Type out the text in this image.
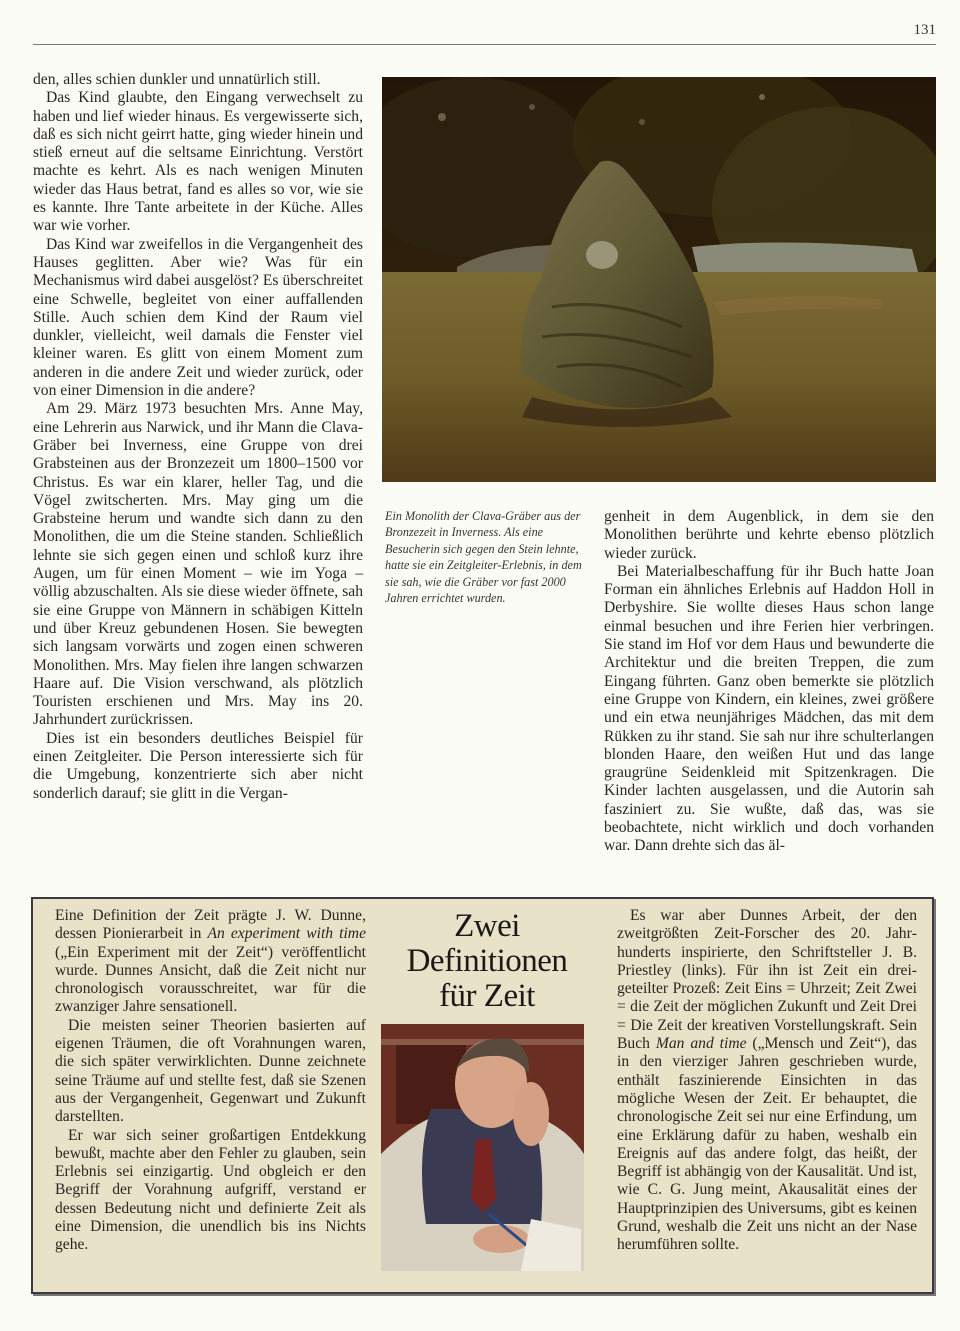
131

den, alles schien dunkler und unnatürlich still.

Das Kind glaubte, den Eingang verwechselt zu haben und lief wieder hinaus. Es vergewisserte sich, daß es sich nicht geirrt hatte, ging wieder hinein und stieß erneut auf die seltsame Einrichtung. Verstört machte es kehrt. Als es nach wenigen Minuten wieder das Haus betrat, fand es alles so vor, wie sie es kannte. Ihre Tante arbeitete in der Küche. Alles war wie vorher.

Das Kind war zweifellos in die Vergangenheit des Hauses geglitten. Aber wie? Was für ein Mechanismus wird dabei ausgelöst? Es überschreitet eine Schwelle, begleitet von einer auffallenden Stille. Auch schien dem Kind der Raum viel dunkler, vielleicht, weil damals die Fenster viel kleiner waren. Es glitt von einem Moment zum anderen in die andere Zeit und wieder zurück, oder von einer Dimension in die andere?

Am 29. März 1973 besuchten Mrs. Anne May, eine Lehrerin aus Narwick, und ihr Mann die Clava-Gräber bei Inverness, eine Gruppe von drei Grabsteinen aus der Bronzezeit um 1800–1500 vor Christus. Es war ein klarer, heller Tag, und die Vögel zwitscherten. Mrs. May ging um die Grabsteine herum und wandte sich dann zu den Monolithen, die um die Steine standen. Schließlich lehnte sie sich gegen einen und schloß kurz ihre Augen, um für einen Moment – wie im Yoga – völlig abzuschalten. Als sie diese wieder öffnete, sah sie eine Gruppe von Männern in schäbigen Kitteln und über Kreuz gebundenen Hosen. Sie bewegten sich langsam vorwärts und zogen einen schweren Monolithen. Mrs. May fielen ihre langen schwarzen Haare auf. Die Vision verschwand, als plötzlich Touristen erschienen und Mrs. May ins 20. Jahrhundert zurückrissen.

Dies ist ein besonders deutliches Beispiel für einen Zeitgleiter. Die Person interessierte sich für die Umgebung, konzentrierte sich aber nicht sonderlich darauf; sie glitt in die Vergan-

Ein Monolith der Clava-Gräber aus der Bronzezeit in Inverness. Als eine Besucherin sich gegen den Stein lehnte, hatte sie ein Zeitgleiter-Erlebnis, in dem sie sah, wie die Gräber vor fast 2000 Jahren errichtet wurden.

genheit in dem Augenblick, in dem sie den Monolithen berührte und kehrte ebenso plötzlich wieder zurück.

Bei Materialbeschaffung für ihr Buch hatte Joan Forman ein ähnliches Erlebnis auf Haddon Holl in Derbyshire. Sie wollte dieses Haus schon lange einmal besuchen und ihre Ferien hier verbringen. Sie stand im Hof vor dem Haus und bewunderte die Architektur und die breiten Treppen, die zum Eingang führten. Ganz oben bemerkte sie plötzlich eine Gruppe von Kindern, ein kleines, zwei größere und ein etwa neunjähriges Mädchen, das mit dem Rükken zu ihr stand. Sie sah nur ihre schulterlangen blonden Haare, den weißen Hut und das lange graugrüne Seidenkleid mit Spitzenkragen. Die Kinder lachten ausgelassen, und die Autorin sah fasziniert zu. Sie wußte, daß das, was sie beobachtete, nicht wirklich und doch vorhanden war. Dann drehte sich das äl-

Eine Definition der Zeit prägte J. W. Dunne, dessen Pionierarbeit in An experiment with time („Ein Experiment mit der Zeit“) veröffentlicht wurde. Dunnes Ansicht, daß die Zeit nicht nur chronologisch vorausschreitet, war für die zwanziger Jahre sensationell.

Die meisten seiner Theorien basierten auf eigenen Träumen, die oft Vorahnungen waren, die sich später verwirklichten. Dunne zeichnete seine Träume auf und stellte fest, daß sie Szenen aus der Vergangenheit, Gegenwart und Zukunft darstellten.

Er war sich seiner großartigen Entdekkung bewußt, machte aber den Fehler zu glauben, sein Erlebnis sei einzigartig. Und obgleich er den Begriff der Vorahnung aufgriff, verstand er dessen Bedeutung nicht und definierte Zeit als eine Dimension, die unendlich bis ins Nichts gehe.

Zwei
Definitionen
für Zeit

Es war aber Dunnes Arbeit, der den zweitgrößten Zeit-Forscher des 20. Jahrhunderts inspirierte, den Schriftsteller J. B. Priestley (links). Für ihn ist Zeit ein dreigeteilter Prozeß: Zeit Eins = Uhrzeit; Zeit Zwei = die Zeit der möglichen Zukunft und Zeit Drei = Die Zeit der kreativen Vorstellungskraft. Sein Buch Man and time („Mensch und Zeit“), das in den vierziger Jahren geschrieben wurde, enthält faszinierende Einsichten in das mögliche Wesen der Zeit. Er behauptet, die chronologische Zeit sei nur eine Erfindung, um eine Erklärung dafür zu haben, weshalb ein Ereignis auf das andere folgt, das heißt, der Begriff ist abhängig von der Kausalität. Und ist, wie C. G. Jung meint, Akausalität eines der Hauptprinzipien des Universums, gibt es keinen Grund, weshalb die Zeit uns nicht an der Nase herumführen sollte.
